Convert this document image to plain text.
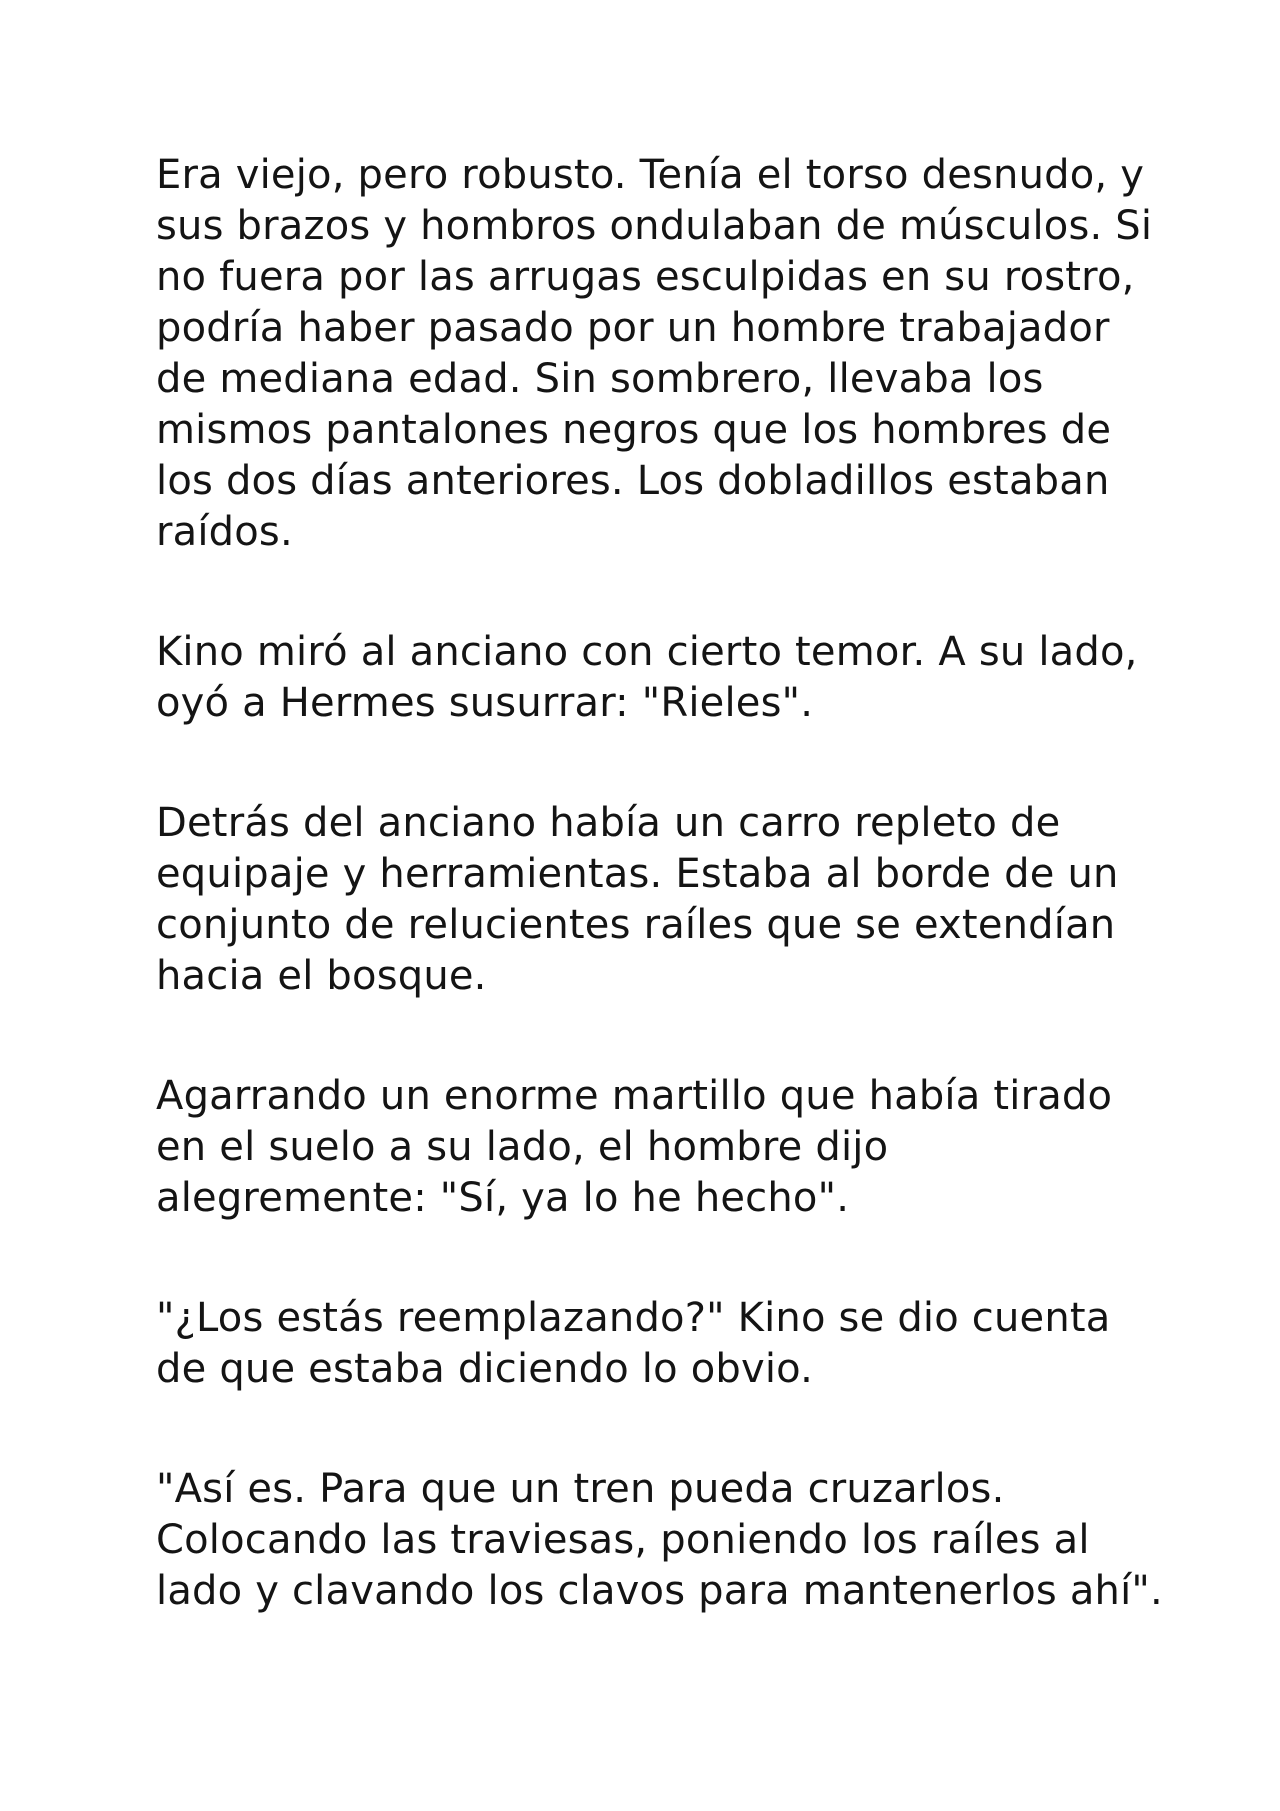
Era viejo, pero robusto. Tenía el torso desnudo, y
sus brazos y hombros ondulaban de músculos. Si
no fuera por las arrugas esculpidas en su rostro,
podría haber pasado por un hombre trabajador
de mediana edad. Sin sombrero, llevaba los
mismos pantalones negros que los hombres de
los dos días anteriores. Los dobladillos estaban
raídos.

Kino miró al anciano con cierto temor. A su lado,
oyó a Hermes susurrar: "Rieles".

Detrás del anciano había un carro repleto de
equipaje y herramientas. Estaba al borde de un
conjunto de relucientes raíles que se extendían
hacia el bosque.

Agarrando un enorme martillo que había tirado
en el suelo a su lado, el hombre dijo
alegremente: "Sí, ya lo he hecho".

"¿Los estás reemplazando?" Kino se dio cuenta
de que estaba diciendo lo obvio.

"Así es. Para que un tren pueda cruzarlos.
Colocando las traviesas, poniendo los raíles al
lado y clavando los clavos para mantenerlos ahí".
